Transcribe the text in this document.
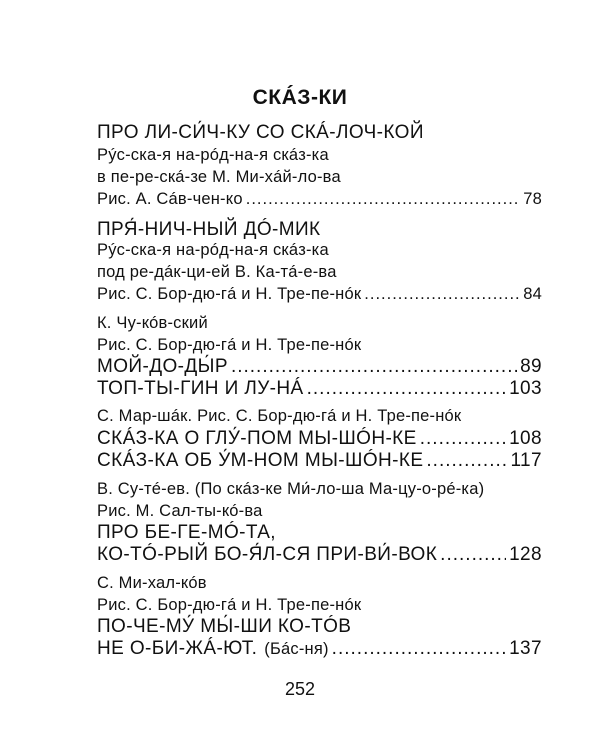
СКÁЗ-КИ
ПРО ЛИ-СИ́Ч-КУ СО СКÁ-ЛОЧ-КОЙ
Рýс-ска-я на-рóд-на-я скáз-ка
в пе-ре-скá-зе М. Ми-хáй-ло-ва
Рис. А. Сáв-чен-ко .....	78
ПРЯ́-НИЧ-НЫЙ ДÓ-МИК
Рýс-ска-я на-рóд-на-я скáз-ка
под ре-дáк-ци-ей В. Ка-тá-е-ва
Рис. С. Бор-дю-гá и Н. Тре-пе-нóк .....	84
К. Чу-кóв-ский
Рис. С. Бор-дю-гá и Н. Тре-пе-нóк
МОЙ-ДО-ДЫ́Р .....	89
ТОП-ТЫ-ГИН И ЛУ-НÁ .....	103
С. Мар-шáк. Рис. С. Бор-дю-гá и Н. Тре-пе-нóк
СКÁЗ-КА О ГЛУ́-ПОМ МЫ-ШÓН-КЕ .....	108
СКÁЗ-КА ОБ У́М-НОМ МЫ-ШÓН-КЕ .....	117
В. Су-тé-ев. (По скáз-ке Ми́-ло-ша Ма-цу-о-рé-ка)
Рис. М. Сал-ты-кó-ва
ПРО БЕ-ГЕ-МÓ-ТА,
КО-ТÓ-РЫЙ БО-Я́Л-СЯ ПРИ-ВИ́-ВОК .....	128
С. Ми-хал-кóв
Рис. С. Бор-дю-гá и Н. Тре-пе-нóк
ПО-ЧЕ-МУ́ МЫ́-ШИ КО-ТÓВ
НЕ О-БИ-ЖÁ-ЮТ. (Бáс-ня) .....	137
252
